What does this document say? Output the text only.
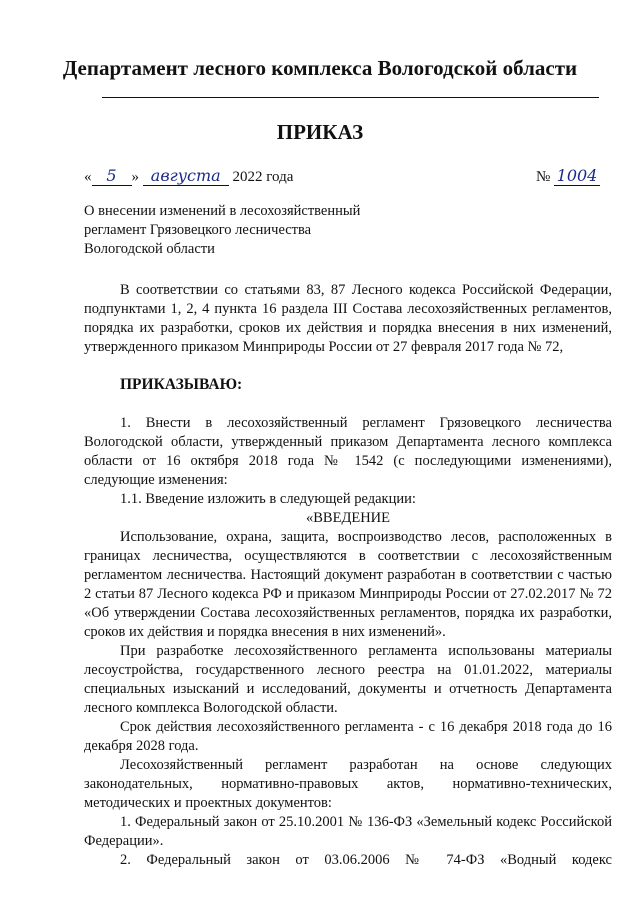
Департамент лесного комплекса Вологодской области
ПРИКАЗ
« 5 » августа 2022 года	№ 1004
О внесении изменений в лесохозяйственный
регламент Грязовецкого лесничества
Вологодской области

В соответствии со статьями 83, 87 Лесного кодекса Российской Федерации, подпунктами 1, 2, 4 пункта 16 раздела III Состава лесохозяйственных регламентов, порядка их разработки, сроков их действия и порядка внесения в них изменений, утвержденного приказом Минприроды России от 27 февраля 2017 года № 72,

ПРИКАЗЫВАЮ:

1. Внести в лесохозяйственный регламент Грязовецкого лесничества Вологодской области, утвержденный приказом Департамента лесного комплекса области от 16 октября 2018 года № 1542 (с последующими изменениями), следующие изменения:

1.1. Введение изложить в следующей редакции:

«ВВЕДЕНИЕ

Использование, охрана, защита, воспроизводство лесов, расположенных в границах лесничества, осуществляются в соответствии с лесохозяйственным регламентом лесничества. Настоящий документ разработан в соответствии с частью 2 статьи 87 Лесного кодекса РФ и приказом Минприроды России от 27.02.2017 № 72 «Об утверждении Состава лесохозяйственных регламентов, порядка их разработки, сроков их действия и порядка внесения в них изменений».

При разработке лесохозяйственного регламента использованы материалы лесоустройства, государственного лесного реестра на 01.01.2022, материалы специальных изысканий и исследований, документы и отчетность Департамента лесного комплекса Вологодской области.

Срок действия лесохозяйственного регламента - с 16 декабря 2018 года до 16 декабря 2028 года.

Лесохозяйственный регламент разработан на основе следующих законодательных, нормативно-правовых актов, нормативно-технических, методических и проектных документов:

1. Федеральный закон от 25.10.2001 № 136-ФЗ «Земельный кодекс Российской Федерации».

2. Федеральный закон от 03.06.2006 № 74-ФЗ «Водный кодекс
